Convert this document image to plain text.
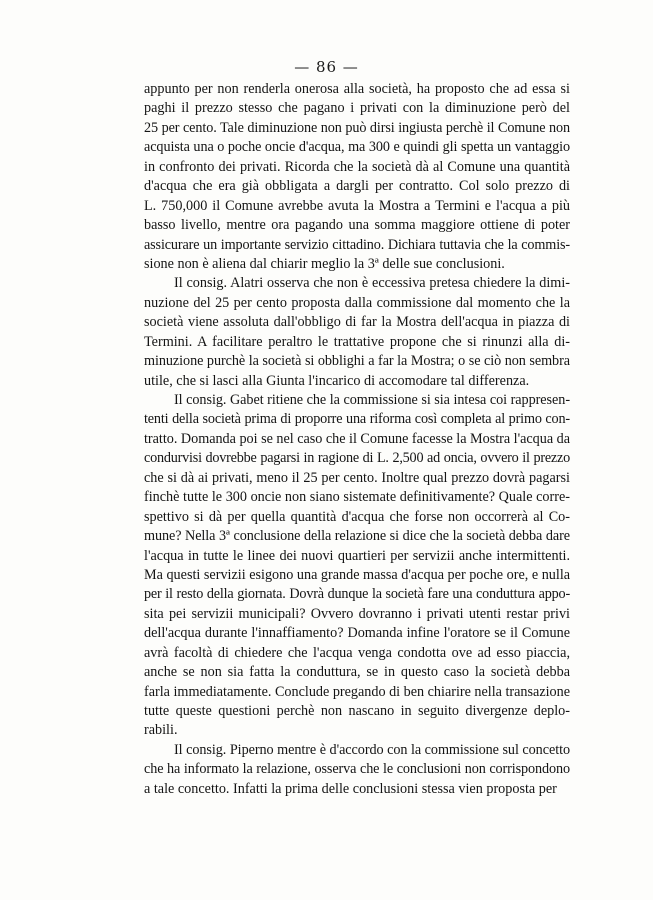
— 86 —
appunto per non renderla onerosa alla società, ha proposto che ad essa si
paghi il prezzo stesso che pagano i privati con la diminuzione però del
25 per cento. Tale diminuzione non può dirsi ingiusta perchè il Comune non
acquista una o poche oncie d'acqua, ma 300 e quindi gli spetta un vantaggio
in confronto dei privati. Ricorda che la società dà al Comune una quantità
d'acqua che era già obbligata a dargli per contratto. Col solo prezzo di
L. 750,000 il Comune avrebbe avuta la Mostra a Termini e l'acqua a più
basso livello, mentre ora pagando una somma maggiore ottiene di poter
assicurare un importante servizio cittadino. Dichiara tuttavia che la commis-
sione non è aliena dal chiarir meglio la 3ª delle sue conclusioni.
Il consig. Alatri osserva che non è eccessiva pretesa chiedere la dimi-
nuzione del 25 per cento proposta dalla commissione dal momento che la
società viene assoluta dall'obbligo di far la Mostra dell'acqua in piazza di
Termini. A facilitare peraltro le trattative propone che si rinunzi alla di-
minuzione purchè la società si obblighi a far la Mostra; o se ciò non sembra
utile, che si lasci alla Giunta l'incarico di accomodare tal differenza.
Il consig. Gabet ritiene che la commissione si sia intesa coi rappresen-
tenti della società prima di proporre una riforma così completa al primo con-
tratto. Domanda poi se nel caso che il Comune facesse la Mostra l'acqua da
condurvisi dovrebbe pagarsi in ragione di L. 2,500 ad oncia, ovvero il prezzo
che si dà ai privati, meno il 25 per cento. Inoltre qual prezzo dovrà pagarsi
finchè tutte le 300 oncie non siano sistemate definitivamente? Quale corre-
spettivo si dà per quella quantità d'acqua che forse non occorrerà al Co-
mune? Nella 3ª conclusione della relazione si dice che la società debba dare
l'acqua in tutte le linee dei nuovi quartieri per servizii anche intermittenti.
Ma questi servizii esigono una grande massa d'acqua per poche ore, e nulla
per il resto della giornata. Dovrà dunque la società fare una conduttura appo-
sita pei servizii municipali? Ovvero dovranno i privati utenti restar privi
dell'acqua durante l'innaffiamento? Domanda infine l'oratore se il Comune
avrà facoltà di chiedere che l'acqua venga condotta ove ad esso piaccia,
anche se non sia fatta la conduttura, se in questo caso la società debba
farla immediatamente. Conclude pregando di ben chiarire nella transazione
tutte queste questioni perchè non nascano in seguito divergenze deplo-
rabili.
Il consig. Piperno mentre è d'accordo con la commissione sul concetto
che ha informato la relazione, osserva che le conclusioni non corrispondono
a tale concetto. Infatti la prima delle conclusioni stessa vien proposta per
